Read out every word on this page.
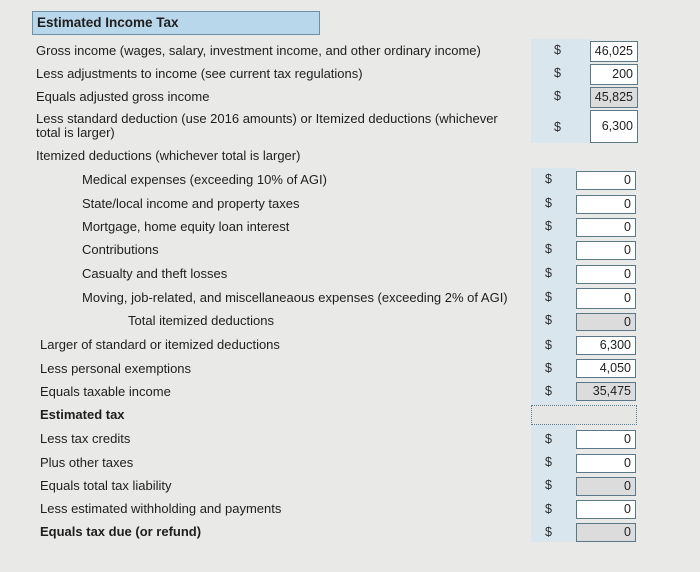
Estimated Income Tax
Gross income (wages, salary, investment income, and other ordinary income)	$	46,025
Less adjustments to income (see current tax regulations)	$	200
Equals adjusted gross income	$	45,825
Less standard deduction (use 2016 amounts) or Itemized deductions (whichever
total is larger)	$	6,300
Itemized deductions (whichever total is larger)
Medical expenses (exceeding 10% of AGI)	$	0
State/local income and property taxes	$	0
Mortgage, home equity loan interest	$	0
Contributions	$	0
Casualty and theft losses	$	0
Moving, job-related, and miscellaneaous expenses (exceeding 2% of AGI)	$	0
Total itemized deductions	$	0
Larger of standard or itemized deductions	$	6,300
Less personal exemptions	$	4,050
Equals taxable income	$	35,475
Estimated tax
Less tax credits	$	0
Plus other taxes	$	0
Equals total tax liability	$	0
Less estimated withholding and payments	$	0
Equals tax due (or refund)	$	0
